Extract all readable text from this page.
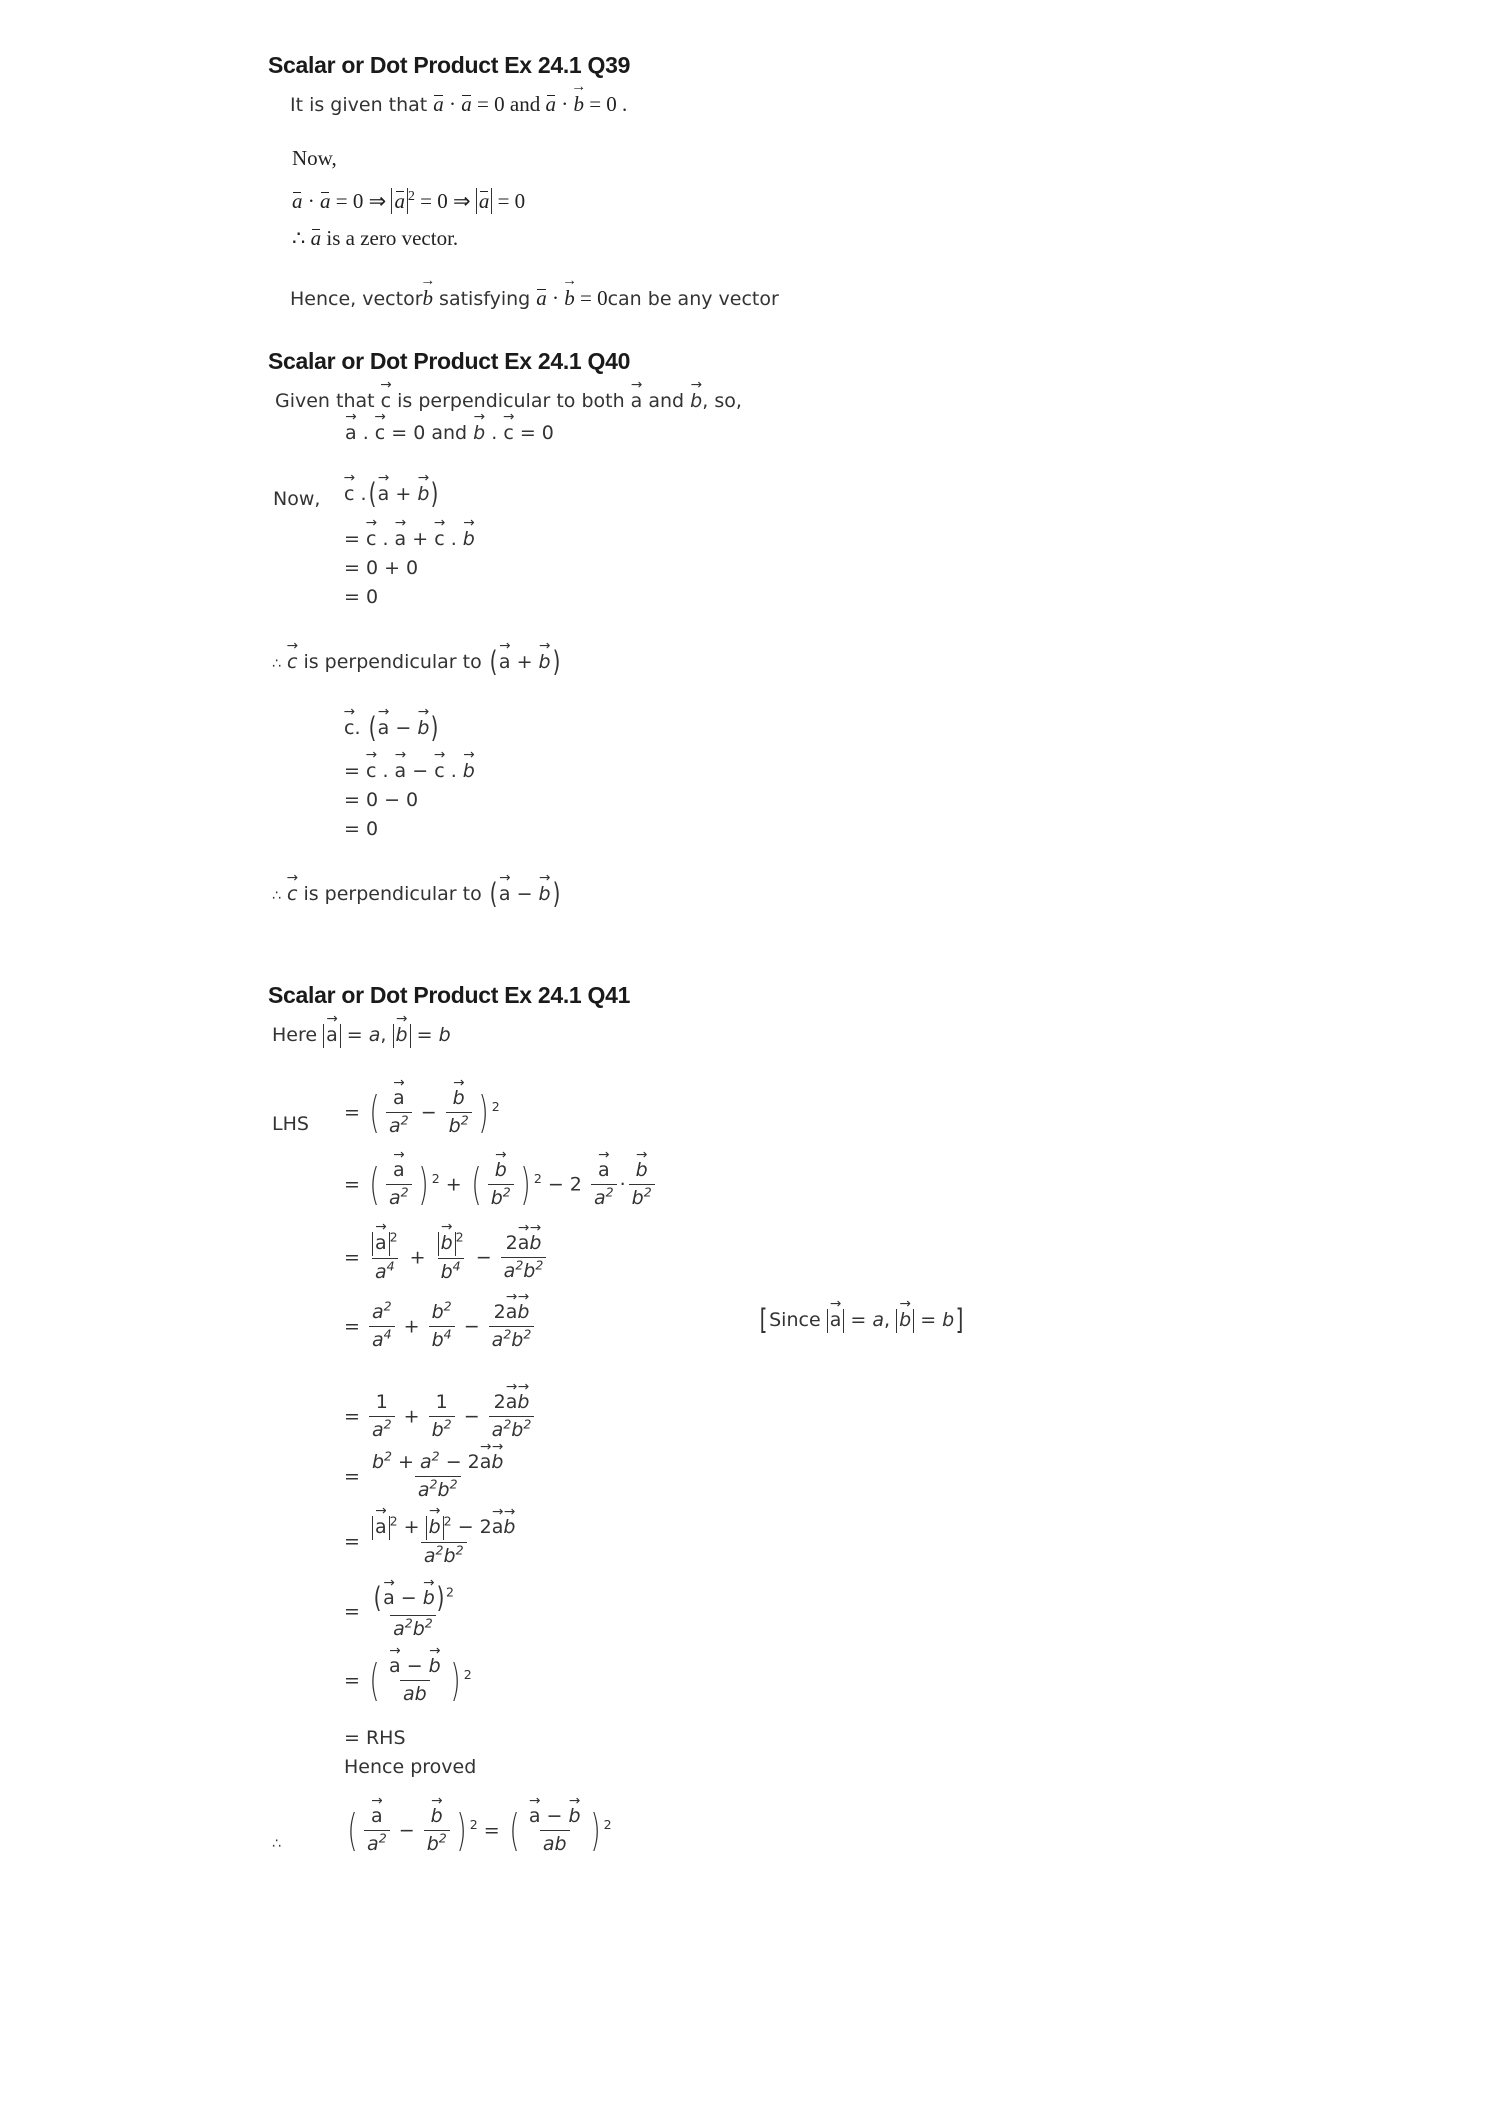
Scalar or Dot Product Ex 24.1 Q39
It is given that a · a = 0 and a · b → = 0 .
Now,
a · a = 0 ⇒ a $^2$ = 0 ⇒ a = 0
∴ a is a zero vector.
Hence, vectorb → satisfying a · b → = 0can be any vector
Scalar or Dot Product Ex 24.1 Q40
Given that c → is perpendicular to both a → and b →, so,
a → . c → = 0 and b → . c → = 0
Now, c → .(a → + b →)
= c → . a → + c → . b →
= 0 + 0
= 0
∴ c → is perpendicular to (a → + b →)
c →. (a → − b →)
= c → . a → − c → . b →
= 0 − 0
= 0
∴ c → is perpendicular to (a → − b →)
Scalar or Dot Product Ex 24.1 Q41
Here a → = a, b → = b
LHS
= ( $\frac{a \to}{a^2} - \frac{b \to}{b^2}$ ) $^2$
= ( $\frac{a \to}{a^2}$ ) $^2$ + ( $\frac{b \to}{b^2}$ ) $^2 - 2 \frac{a \to}{a^2} \cdot \frac{b \to}{b^2}$
= $\frac{a \to ^2}{a^4} + \frac{b \to ^2}{b^4} - \frac{2a \to b \to}{a^2b^2}$
= $\frac{a^2}{a^4} + \frac{b^2}{b^4} - \frac{2a \to b \to}{a^2b^2}$	[Since a → = a, b → = b]
= $\frac{1}{a^2} + \frac{1}{b^2} - \frac{2a \to b \to}{a^2b^2}$
= $\frac{b^2 + a^2 - 2a \to b \to}{a^2b^2}$
= $\frac{a \to ^2 + b \to ^2 - 2a \to b \to}{a^2b^2}$
= $\frac{(a \to - b \to) ^2}{a^2b^2}$
= ( $\frac{a \to - b \to}{ab}$ ) $^2$
= RHS
Hence proved
∴ ( $\frac{a \to}{a^2} - \frac{b \to}{b^2}$ ) $^2$ = ( $\frac{a \to - b \to}{ab}$ ) $^2$
